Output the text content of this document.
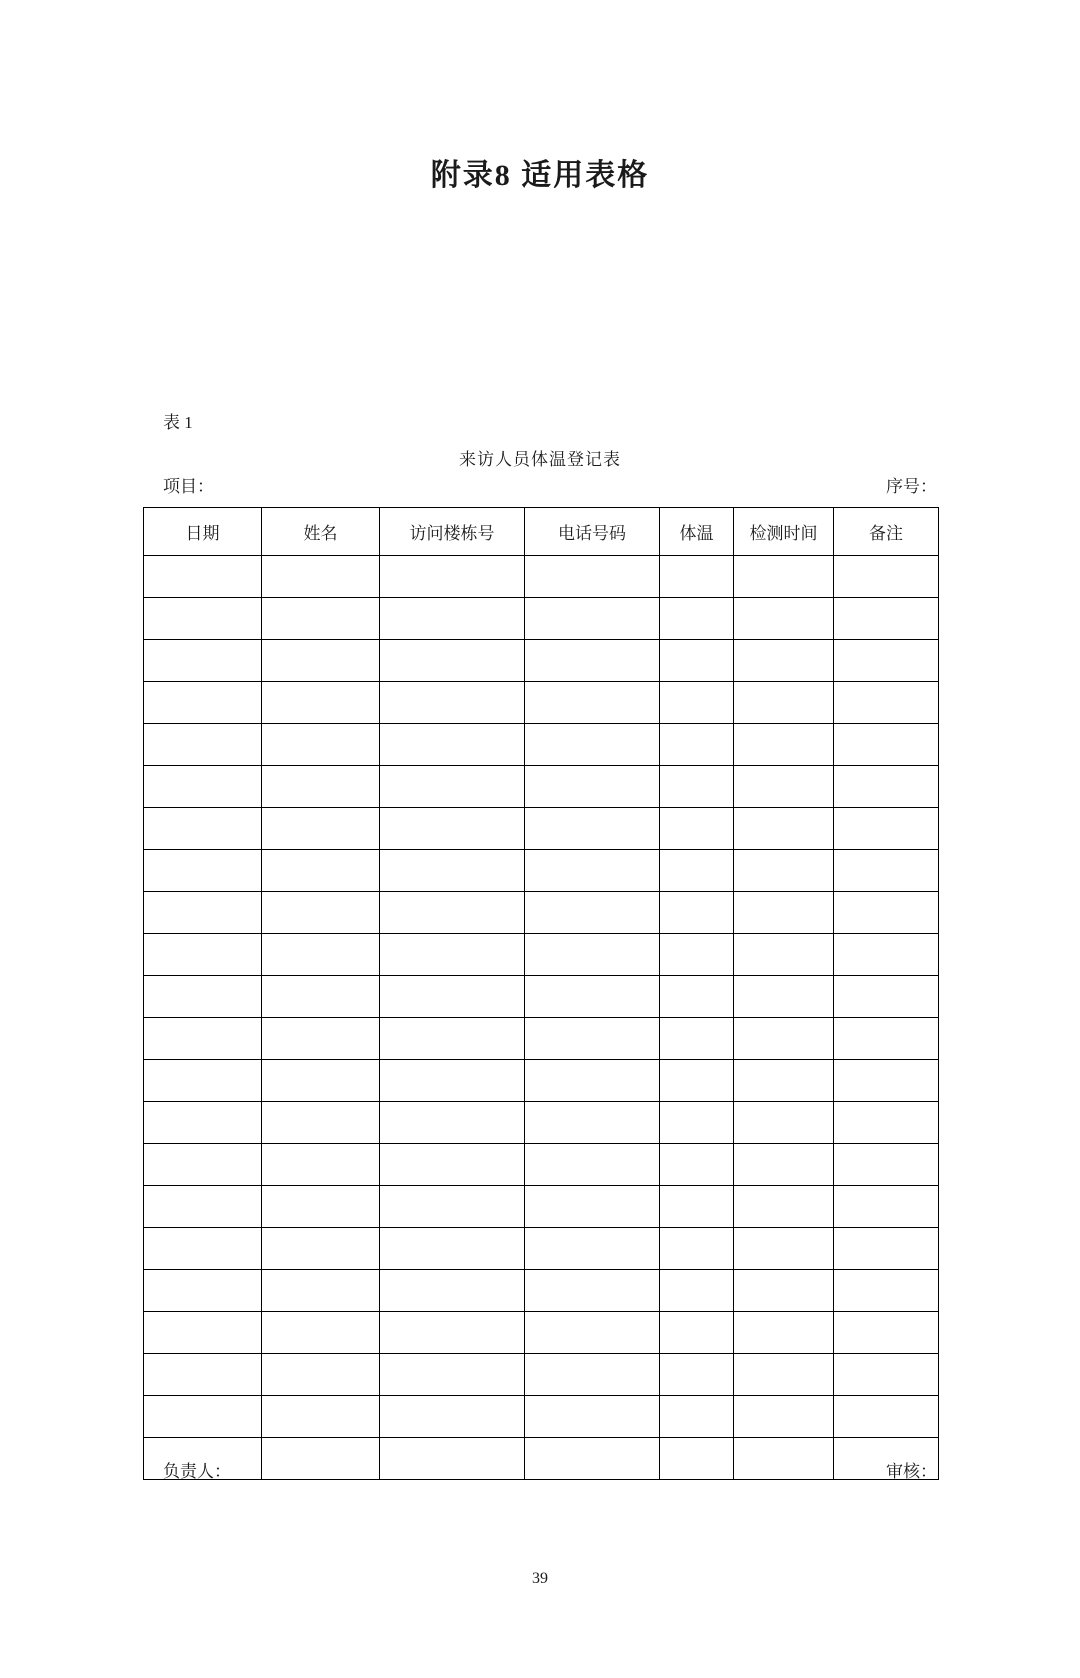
附录8 适用表格
表 1
来访人员体温登记表
项目：	序号：
日期	姓名	访问楼栋号	电话号码	体温	检测时间	备注

负责人：	审核：
39
